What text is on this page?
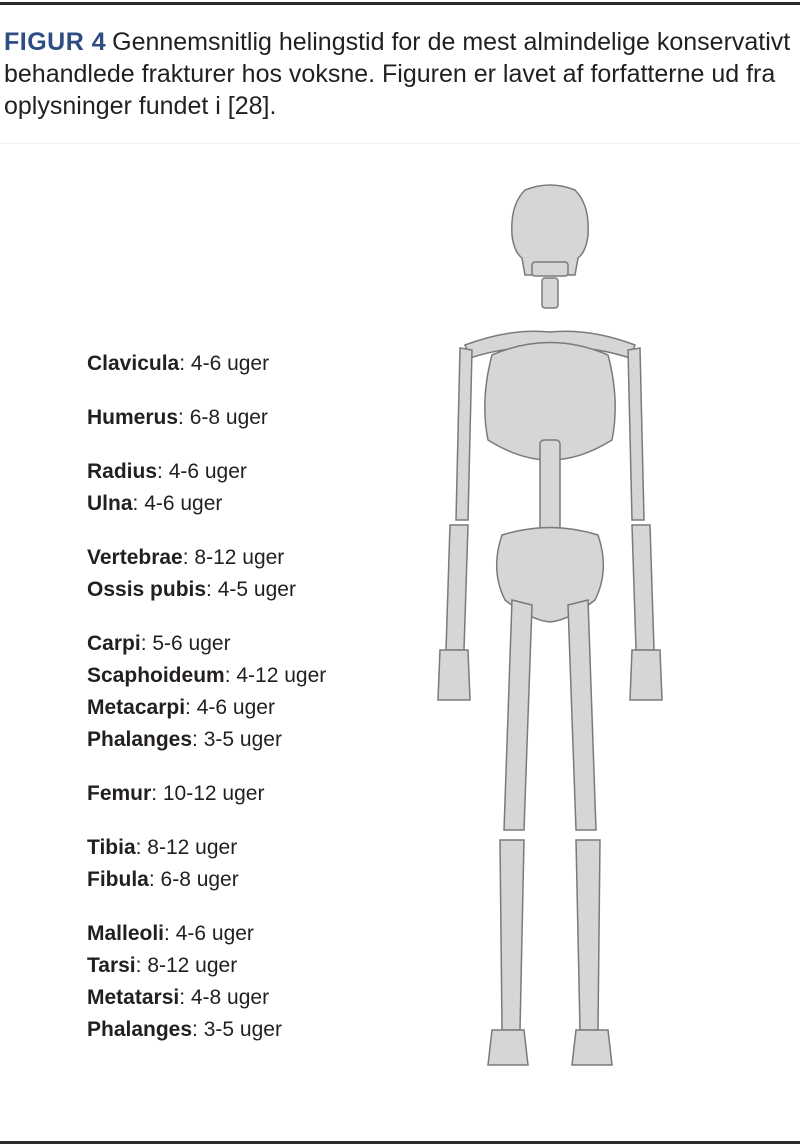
FIGUR 4 Gennemsnitlig helingstid for de mest almindelige konservativt behandlede frakturer hos voksne. Figuren er lavet af forfatterne ud fra oplysninger fundet i [28].
Clavicula: 4-6 uger
Humerus: 6-8 uger
Radius: 4-6 uger
Ulna: 4-6 uger
Vertebrae: 8-12 uger
Ossis pubis: 4-5 uger
Carpi: 5-6 uger
Scaphoideum: 4-12 uger
Metacarpi: 4-6 uger
Phalanges: 3-5 uger
Femur: 10-12 uger
Tibia: 8-12 uger
Fibula: 6-8 uger
Malleoli: 4-6 uger
Tarsi: 8-12 uger
Metatarsi: 4-8 uger
Phalanges: 3-5 uger
